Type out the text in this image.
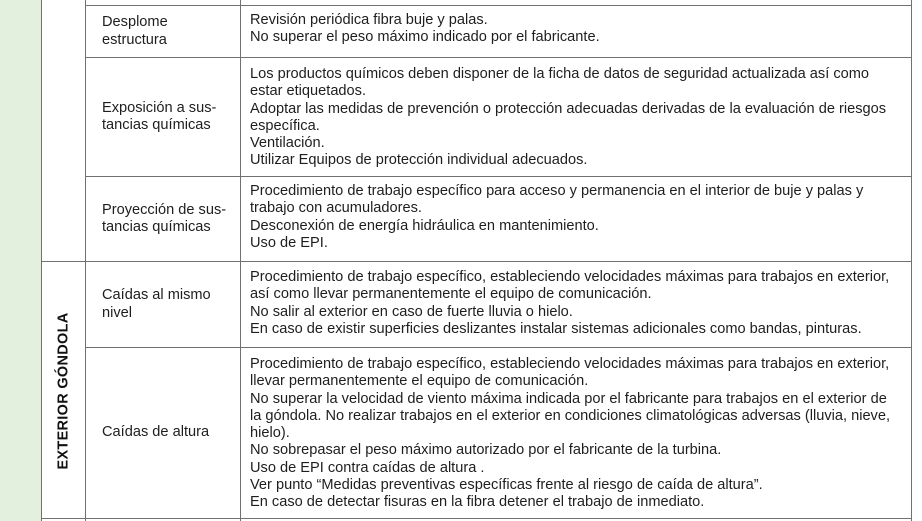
EXTERIOR GÓNDOLA
Desplome
estructura
Revisión periódica fibra buje y palas.
No superar el peso máximo indicado por el fabricante.
Exposición a sus-
tancias químicas
Los productos químicos deben disponer de la ficha de datos de seguridad actualizada así como
estar etiquetados.
Adoptar las medidas de prevención o protección adecuadas derivadas de la evaluación de riesgos
específica.
Ventilación.
Utilizar Equipos de protección individual adecuados.
Proyección de sus-
tancias químicas
Procedimiento de trabajo específico para acceso y permanencia en el interior de buje y palas y
trabajo con acumuladores.
Desconexión de energía hidráulica en mantenimiento.
Uso de EPI.
Caídas al mismo
nivel
Procedimiento de trabajo específico, estableciendo velocidades máximas para trabajos en exterior,
así como llevar permanentemente el equipo de comunicación.
No salir al exterior en caso de fuerte lluvia o hielo.
En caso de existir superficies deslizantes instalar sistemas adicionales como bandas, pinturas.
Caídas de altura
Procedimiento de trabajo específico, estableciendo velocidades máximas para trabajos en exterior,
llevar permanentemente el equipo de comunicación.
No superar la velocidad de viento máxima indicada por el fabricante para trabajos en el exterior de
la góndola. No realizar trabajos en el exterior en condiciones climatológicas adversas (lluvia, nieve,
hielo).
No sobrepasar el peso máximo autorizado por el fabricante de la turbina.
Uso de EPI contra caídas de altura .
Ver punto “Medidas preventivas específicas frente al riesgo de caída de altura”.
En caso de detectar fisuras en la fibra detener el trabajo de inmediato.
